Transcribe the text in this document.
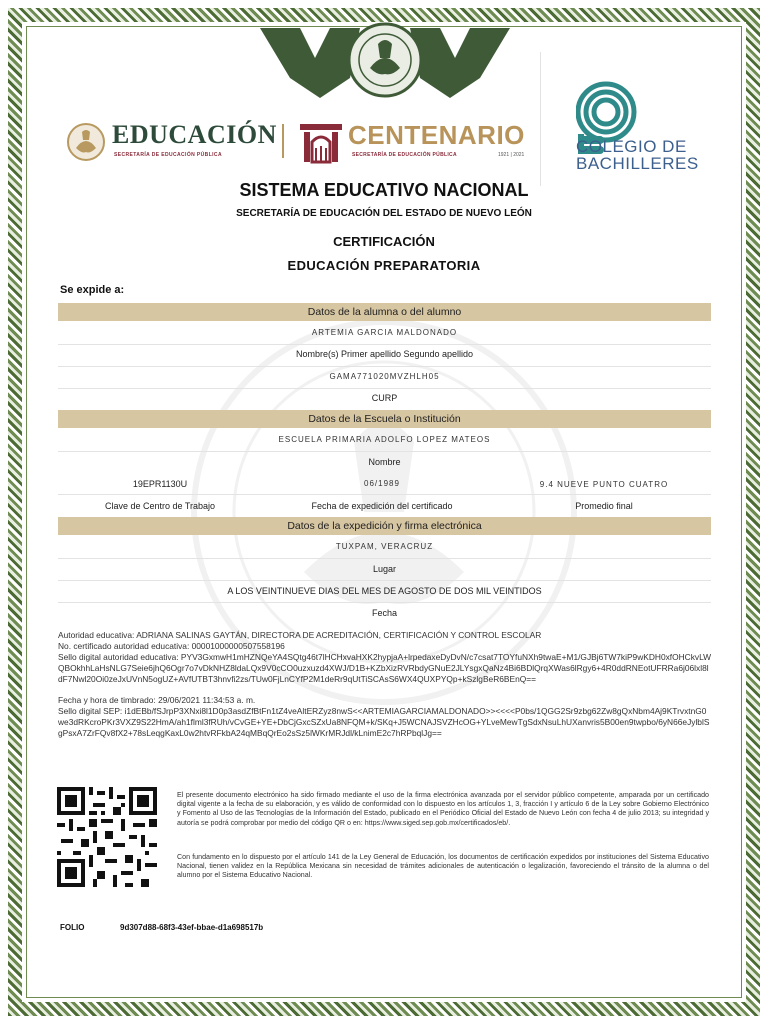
EDUCACIÓN
SECRETARÍA DE EDUCACIÓN PÚBLICA
CENTENARIO
SECRETARÍA DE EDUCACIÓN PÚBLICA	1921 | 2021	COLEGIO DE
BACHILLERES
SISTEMA EDUCATIVO NACIONAL
SECRETARÍA DE EDUCACIÓN DEL ESTADO DE NUEVO LEÓN
CERTIFICACIÓN
EDUCACIÓN PREPARATORIA
Se expide a:
Datos de la alumna o del alumno
ARTEMIA GARCIA MALDONADO
Nombre(s) Primer apellido Segundo apellido
GAMA771020MVZHLH05
CURP
Datos de la Escuela o Institución
ESCUELA PRIMARIA ADOLFO LOPEZ MATEOS
Nombre
19EPR1130U	06/1989	9.4 NUEVE PUNTO CUATRO
Clave de Centro de Trabajo	Fecha de expedición del certificado	Promedio final
Datos de la expedición y firma electrónica
TUXPAM, VERACRUZ
Lugar
A LOS VEINTINUEVE DIAS DEL MES DE AGOSTO DE DOS MIL VEINTIDOS
Fecha
Autoridad educativa: ADRIANA SALINAS GAYTÁN, DIRECTORA DE ACREDITACIÓN, CERTIFICACIÓN Y CONTROL ESCOLAR
No. certificado autoridad educativa: 00001000000507558196
Sello digital autoridad educativa: PYV3GxmwH1mHZNQeYA4SQtg46t7lHCHxvaHXK2hypjaA+lrpedaxeDyDvN/c7csat7TOYfuNXh9twaE+M1/GJBj6TW7kiP9wKDH0xfOHCkvLWQBOkhhLaHsNLG7Seie6jhQ6Ogr7o7vDkNHZ8ldaLQx9V0cCO0uzxuzd4XWJ/D1B+KZbXizRVRbdyGNuE2JLYsgxQaNz4Bi6BDlQrqXWas6lRgy6+4R0ddRNEotUFRRa6j06lxl8ldF7Nwl20Oi0zeJxUVnN5ogUZ+AVfUTBT3hnvfi2zs/TUw0FjLnCYfP2M1deRr9qUtTiSCAsS6WX4QUXPYQp+kSzlgBeR6BEnQ==
Fecha y hora de timbrado: 29/06/2021 11:34:53 a. m.
Sello digital SEP: i1dEBb/fSJrpP3XNxi8l1D0p3asdZfBtFn1tZ4veAltERZyz8nwS<<ARTEMIAGARCIAMALDONADO>><<<<P0bs/1QGG2Sr9zbg62Zw8gQxNbm4Aj9KTrvxtnG0we3dRKcroPKr3VXZ9S22HmA/ah1flml3fRUh/vCvGE+YE+DbCjGxcSZxUa8NFQM+k/SKq+J5WCNAJSVZHcOG+YLveMewTgSdxNsuLhUXanvris5B00en9twpbo/6yN66eJylblSgPsxA7ZrFQv8fX2+78sLeqgKaxL0w2htvRFkbA24qMBqQrEo2sSz5lWKrMRJdl/kLnimE2c7hRPbqlJg==
El presente documento electrónico ha sido firmado mediante el uso de la firma electrónica avanzada por el servidor público competente, amparada por un certificado digital vigente a la fecha de su elaboración, y es válido de conformidad con lo dispuesto en los artículos 1, 3, fracción I y artículo 6 de la Ley sobre Gobierno Electrónico y Fomento al Uso de las Tecnologías de la Información del Estado, publicado en el Periódico Oficial del Estado de Nuevo León con fecha 4 de julio 2013; su integridad y autoría se podrá comprobar por medio del código QR o en: https://www.siged.sep.gob.mx/certificados/eb/.
Con fundamento en lo dispuesto por el artículo 141 de la Ley General de Educación, los documentos de certificación expedidos por instituciones del Sistema Educativo Nacional, tienen validez en la República Mexicana sin necesidad de trámites adicionales de autenticación o legalización, favoreciendo el tránsito de la alumna o del alumno por el Sistema Educativo Nacional.
FOLIO	9d307d88-68f3-43ef-bbae-d1a698517b
